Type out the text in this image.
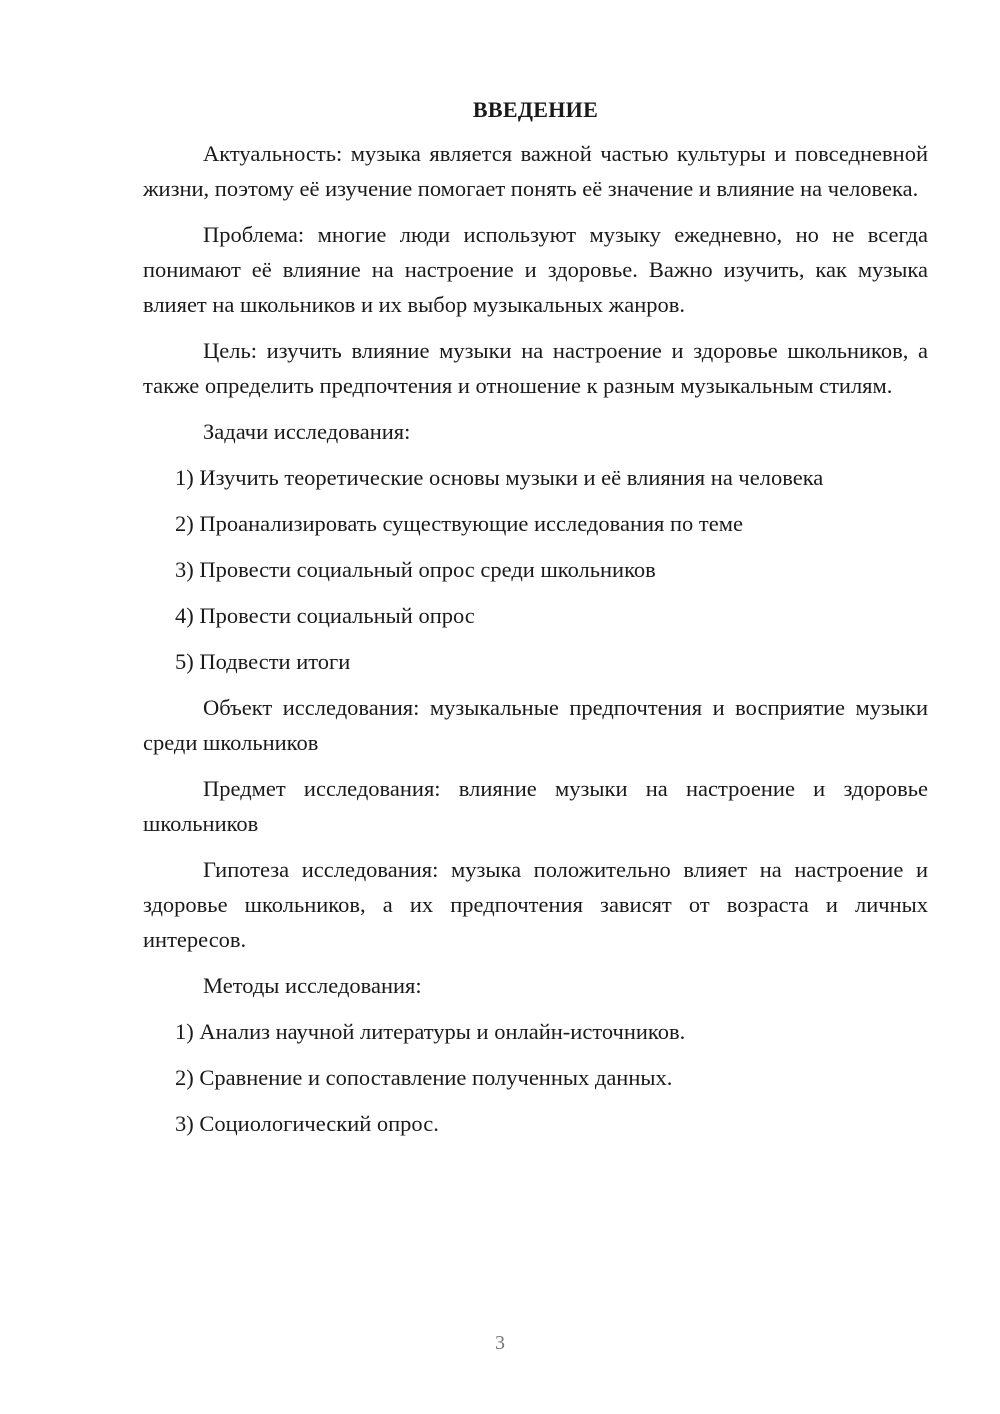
ВВЕДЕНИЕ

Актуальность: музыка является важной частью культуры и повседневной жизни, поэтому её изучение помогает понять её значение и влияние на человека.

Проблема: многие люди используют музыку ежедневно, но не всегда понимают её влияние на настроение и здоровье. Важно изучить, как музыка влияет на школьников и их выбор музыкальных жанров.

Цель: изучить влияние музыки на настроение и здоровье школьников, а также определить предпочтения и отношение к разным музыкальным стилям.

Задачи исследования:

1) Изучить теоретические основы музыки и её влияния на человека
2) Проанализировать существующие исследования по теме
3) Провести социальный опрос среди школьников
4) Провести социальный опрос
5) Подвести итоги

Объект исследования: музыкальные предпочтения и восприятие музыки среди школьников

Предмет исследования: влияние музыки на настроение и здоровье школьников

Гипотеза исследования: музыка положительно влияет на настроение и здоровье школьников, а их предпочтения зависят от возраста и личных интересов.

Методы исследования:

1) Анализ научной литературы и онлайн-источников.
2) Сравнение и сопоставление полученных данных.
3) Социологический опрос.
3
